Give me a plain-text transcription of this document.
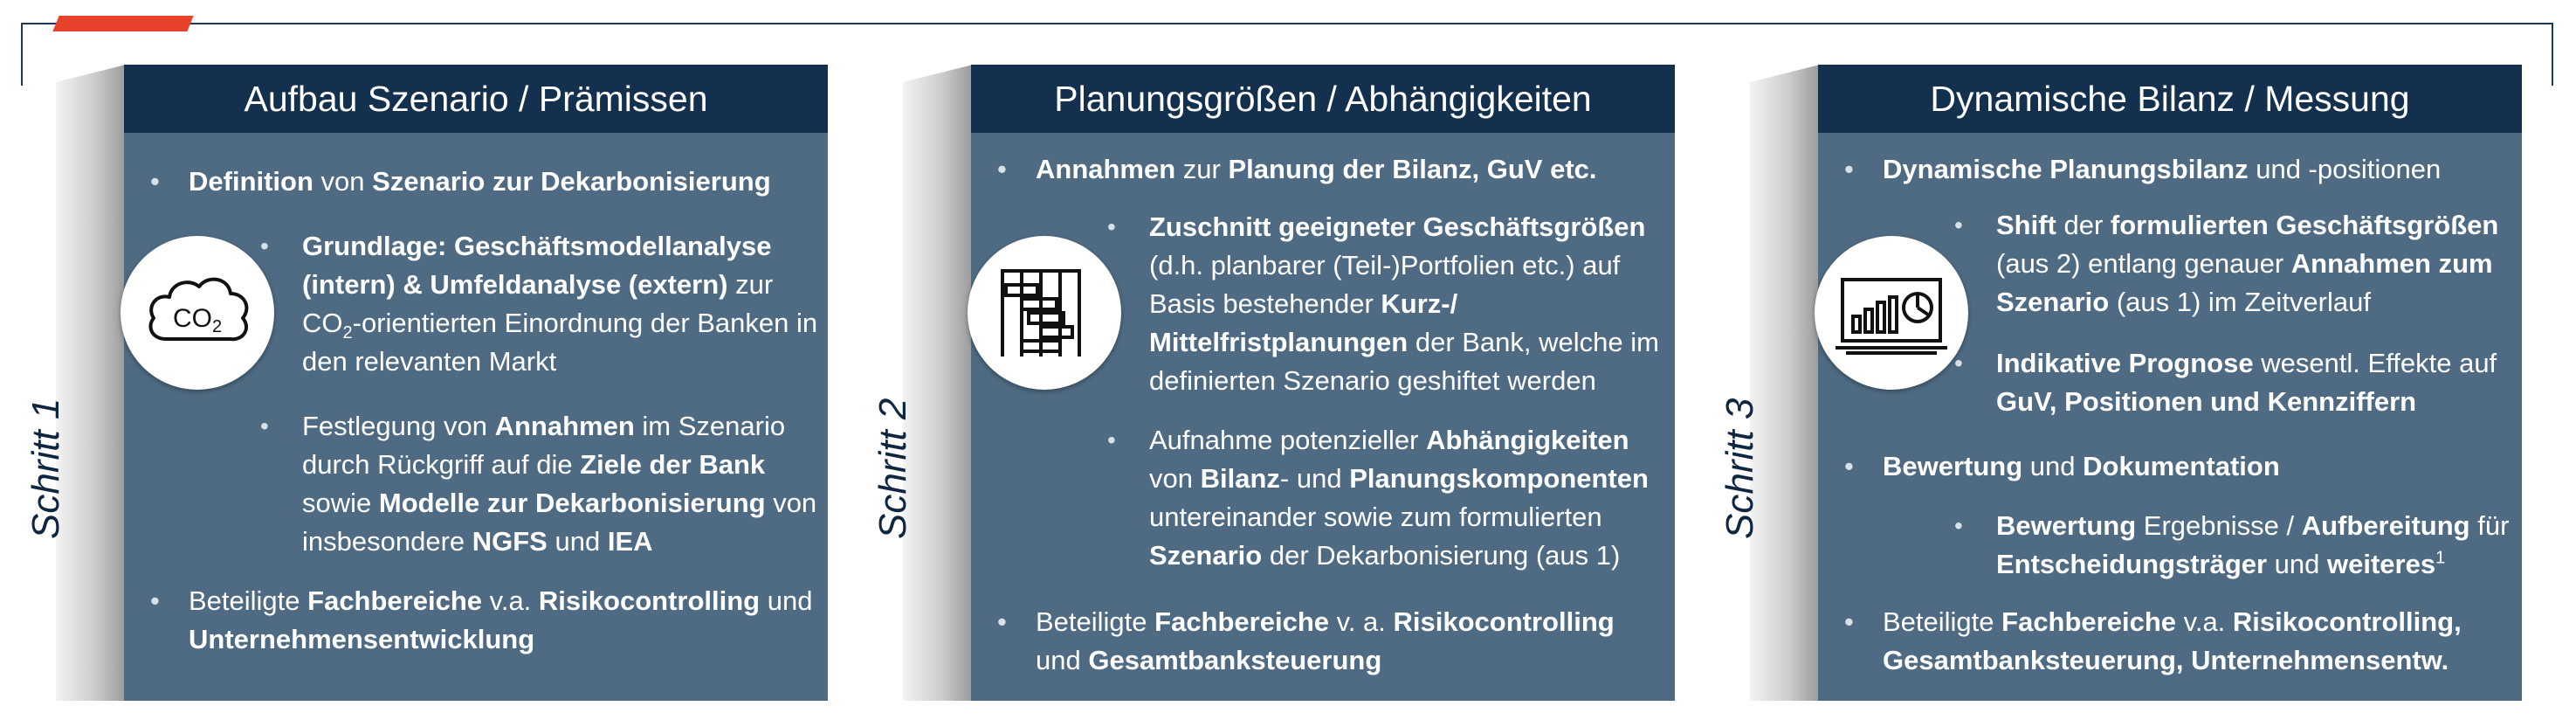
Schritt 1
Aufbau Szenario / Prämissen
• Definition von Szenario zur Dekarbonisierung
• Grundlage: Geschäftsmodellanalyse (intern) & Umfeldanalyse (extern) zur $CO_2$-orientierten Einordnung der Banken in den relevanten Markt
• Festlegung von Annahmen im Szenario durch Rückgriff auf die Ziele der Bank sowie Modelle zur Dekarbonisierung von insbesondere NGFS und IEA
• Beteiligte Fachbereiche v.a. Risikocontrolling und Unternehmensentwicklung
$CO_2$
Schritt 2
Planungsgrößen / Abhängigkeiten
• Annahmen zur Planung der Bilanz, GuV etc.
• Zuschnitt geeigneter Geschäftsgrößen (d.h. planbarer (Teil-)Portfolien etc.) auf Basis bestehender Kurz-/ Mittelfristplanungen der Bank, welche im definierten Szenario geshiftet werden
• Aufnahme potenzieller Abhängigkeiten von Bilanz- und Planungskomponenten untereinander sowie zum formulierten Szenario der Dekarbonisierung (aus 1)
• Beteiligte Fachbereiche v. a. Risikocontrolling und Gesamtbanksteuerung
Schritt 3
Dynamische Bilanz / Messung
• Dynamische Planungsbilanz und -positionen
• Shift der formulierten Geschäftsgrößen (aus 2) entlang genauer Annahmen zum Szenario (aus 1) im Zeitverlauf
• Indikative Prognose wesentl. Effekte auf GuV, Positionen und Kennziffern
• Bewertung und Dokumentation
• Bewertung Ergebnisse / Aufbereitung für Entscheidungsträger und weiteres$^1$
• Beteiligte Fachbereiche v.a. Risikocontrolling, Gesamtbanksteuerung, Unternehmensentw.
